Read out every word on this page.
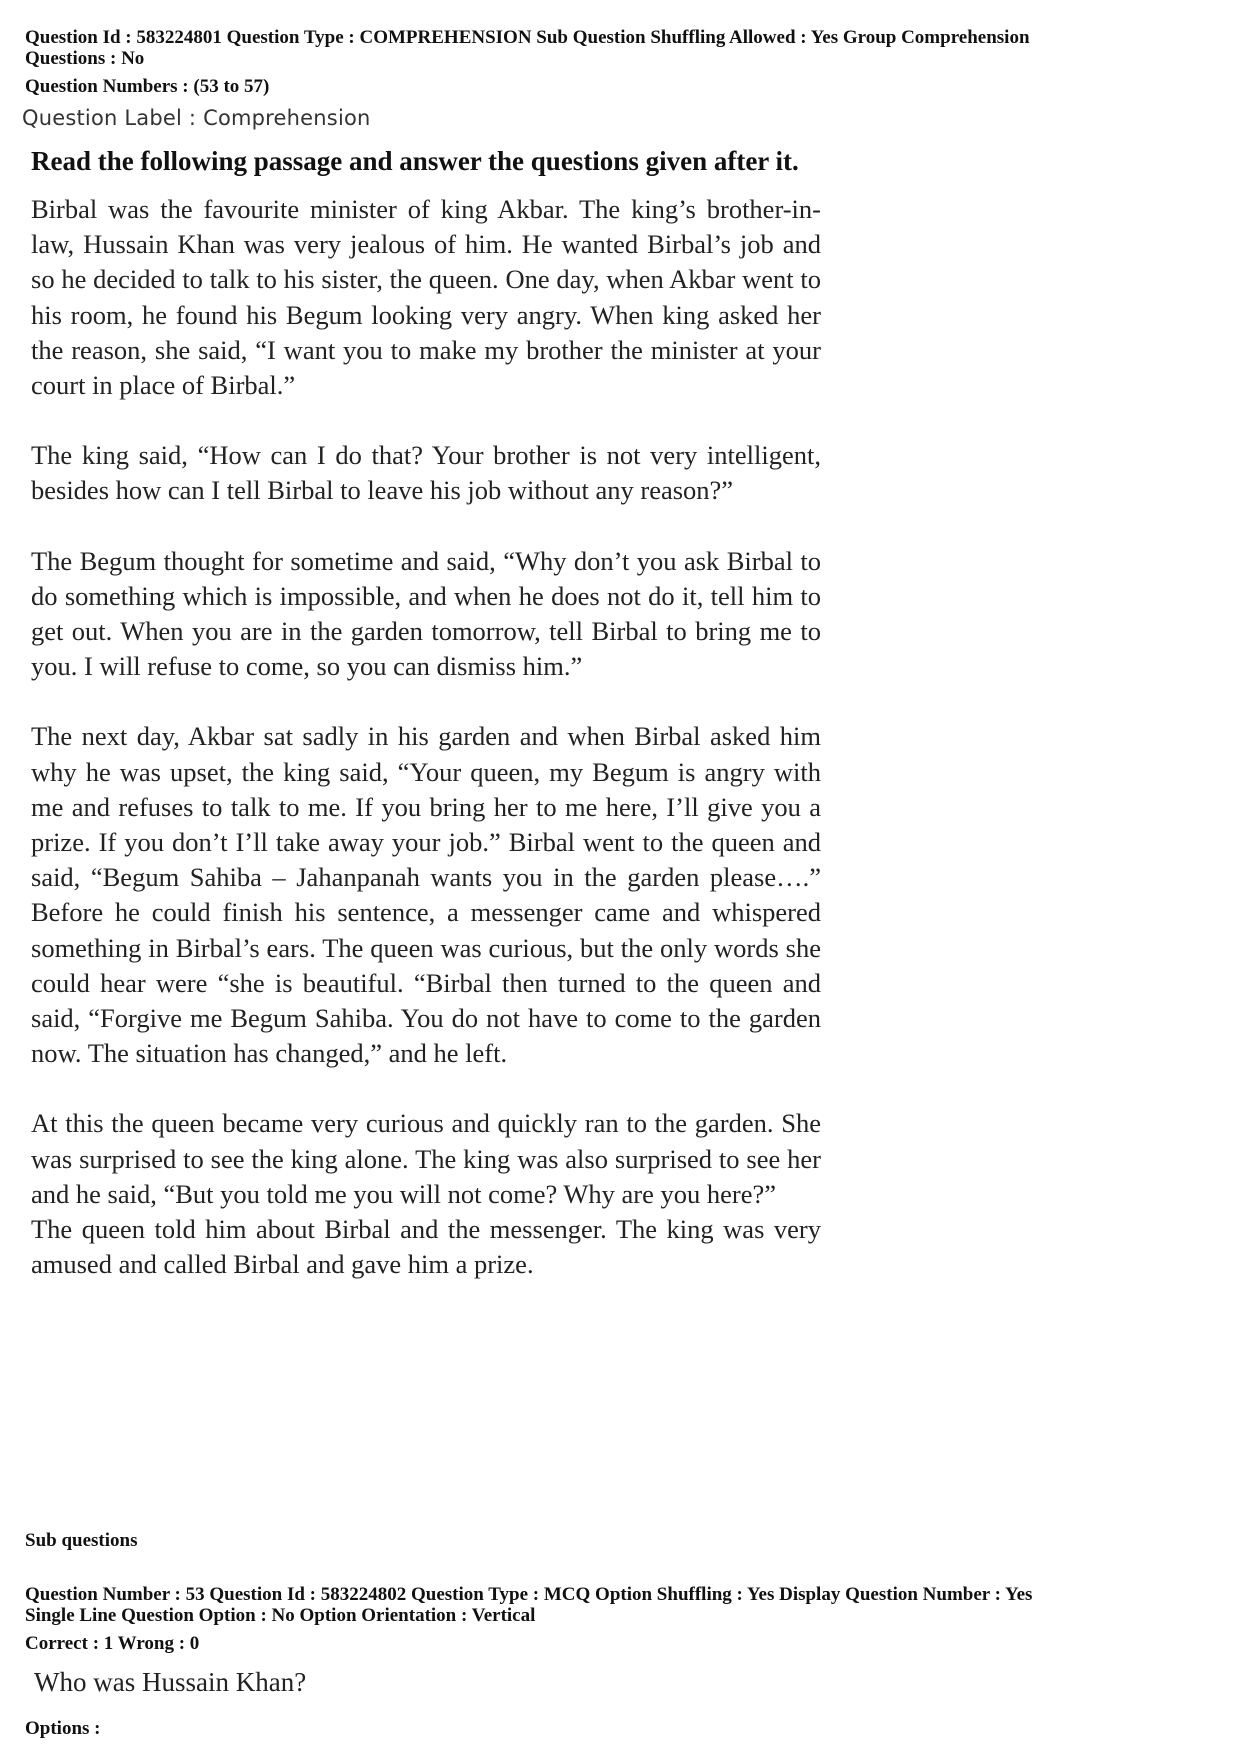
Question Id : 583224801 Question Type : COMPREHENSION Sub Question Shuffling Allowed : Yes Group Comprehension
Questions : No
Question Numbers : (53 to 57)
Question Label : Comprehension

Read the following passage and answer the questions given after it.

Birbal was the favourite minister of king Akbar. The king’s brother-in-law, Hussain Khan was very jealous of him. He wanted Birbal’s job and so he decided to talk to his sister, the queen. One day, when Akbar went to his room, he found his Begum looking very angry. When king asked her the reason, she said, “I want you to make my brother the minister at your court in place of Birbal.”

The king said, “How can I do that? Your brother is not very intelligent, besides how can I tell Birbal to leave his job without any reason?”

The Begum thought for sometime and said, “Why don’t you ask Birbal to do something which is impossible, and when he does not do it, tell him to get out. When you are in the garden tomorrow, tell Birbal to bring me to you. I will refuse to come, so you can dismiss him.”

The next day, Akbar sat sadly in his garden and when Birbal asked him why he was upset, the king said, “Your queen, my Begum is angry with me and refuses to talk to me. If you bring her to me here, I’ll give you a prize. If you don’t I’ll take away your job.” Birbal went to the queen and said, “Begum Sahiba – Jahanpanah wants you in the garden please….” Before he could finish his sentence, a messenger came and whispered something in Birbal’s ears. The queen was curious, but the only words she could hear were “she is beautiful. “Birbal then turned to the queen and said, “Forgive me Begum Sahiba. You do not have to come to the garden now. The situation has changed,” and he left.

At this the queen became very curious and quickly ran to the garden. She was surprised to see the king alone. The king was also surprised to see her and he said, “But you told me you will not come? Why are you here?”

The queen told him about Birbal and the messenger. The king was very amused and called Birbal and gave him a prize.

Sub questions
Question Number : 53 Question Id : 583224802 Question Type : MCQ Option Shuffling : Yes Display Question Number : Yes
Single Line Question Option : No Option Orientation : Vertical
Correct : 1 Wrong : 0
Who was Hussain Khan?
Options :
